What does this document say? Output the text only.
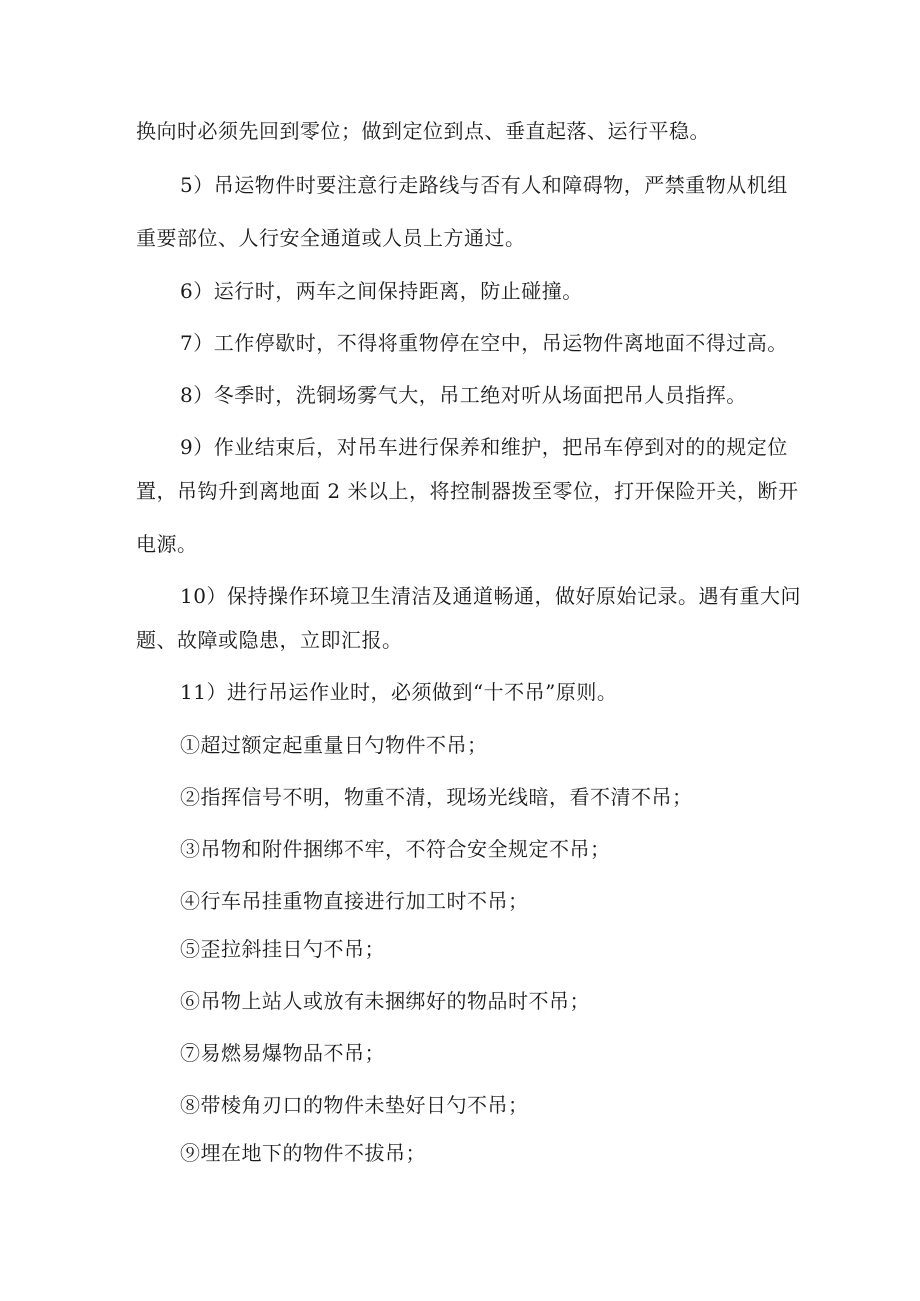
换向时必须先回到零位；做到定位到点、垂直起落、运行平稳。
5）吊运物件时要注意行走路线与否有人和障碍物，严禁重物从机组
重要部位、人行安全通道或人员上方通过。
6）运行时，两车之间保持距离，防止碰撞。
7）工作停歇时，不得将重物停在空中，吊运物件离地面不得过高。
8）冬季时，洗铜场雾气大，吊工绝对听从场面把吊人员指挥。
9）作业结束后，对吊车进行保养和维护，把吊车停到对的的规定位
置，吊钩升到离地面 2 米以上，将控制器拨至零位，打开保险开关，断开
电源。
10）保持操作环境卫生清洁及通道畅通，做好原始记录。遇有重大问
题、故障或隐患，立即汇报。
11）进行吊运作业时，必须做到“十不吊”原则。
①超过额定起重量日勺物件不吊；
②指挥信号不明，物重不清，现场光线暗，看不清不吊；
③吊物和附件捆绑不牢，不符合安全规定不吊；
④行车吊挂重物直接进行加工时不吊；
⑤歪拉斜挂日勺不吊；
⑥吊物上站人或放有未捆绑好的物品时不吊；
⑦易燃易爆物品不吊；
⑧带棱角刃口的物件未垫好日勺不吊；
⑨埋在地下的物件不拔吊；
